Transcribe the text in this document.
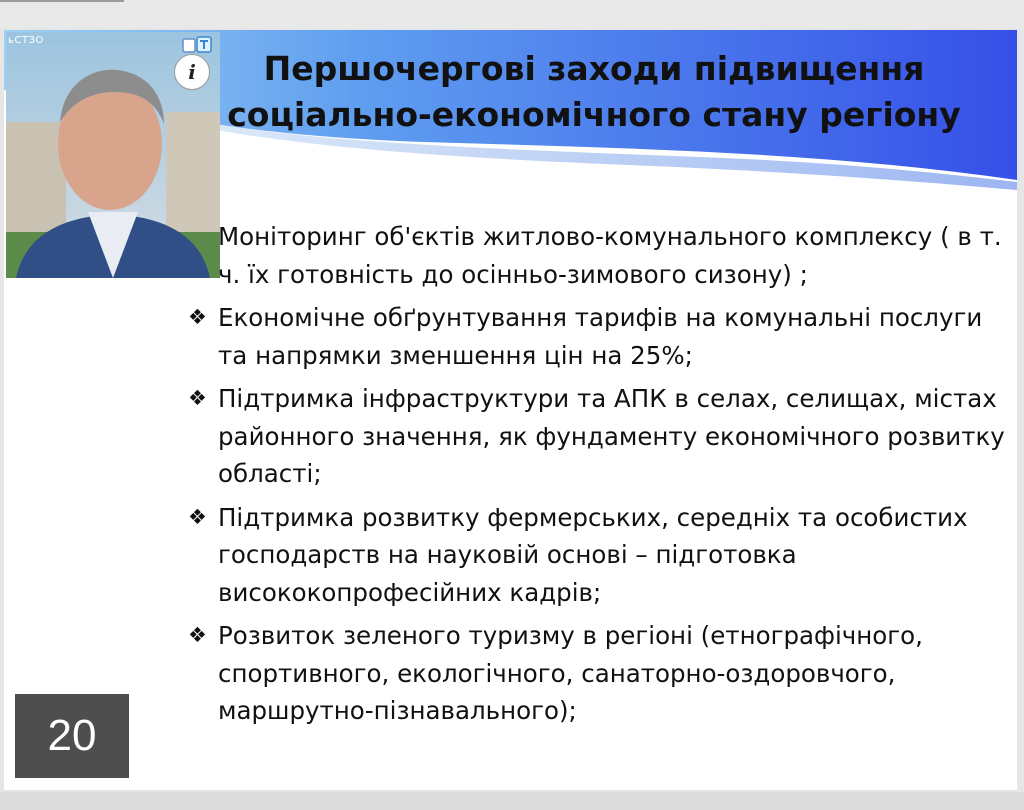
Першочергові заходи підвищення соціально-економічного стану регіону
ьСТЗО
i
Моніторинг об'єктів житлово-комунального комплексу ( в т. ч. їх готовність до осінньо-зимового сизону) ;
❖ Економічне обґрунтування тарифів на комунальні послуги та напрямки зменшення цін на 25%;
❖ Підтримка інфраструктури та АПК в селах, селищах, містах районного значення, як фундаменту економічного розвитку області;
❖ Підтримка розвитку фермерських, середніх та особистих господарств на науковій основі – підготовка висококопрофесійних кадрів;
❖ Розвиток зеленого туризму в регіоні (етнографічного, спортивного, екологічного, санаторно-оздоровчого, маршрутно-пізнавального);
20
